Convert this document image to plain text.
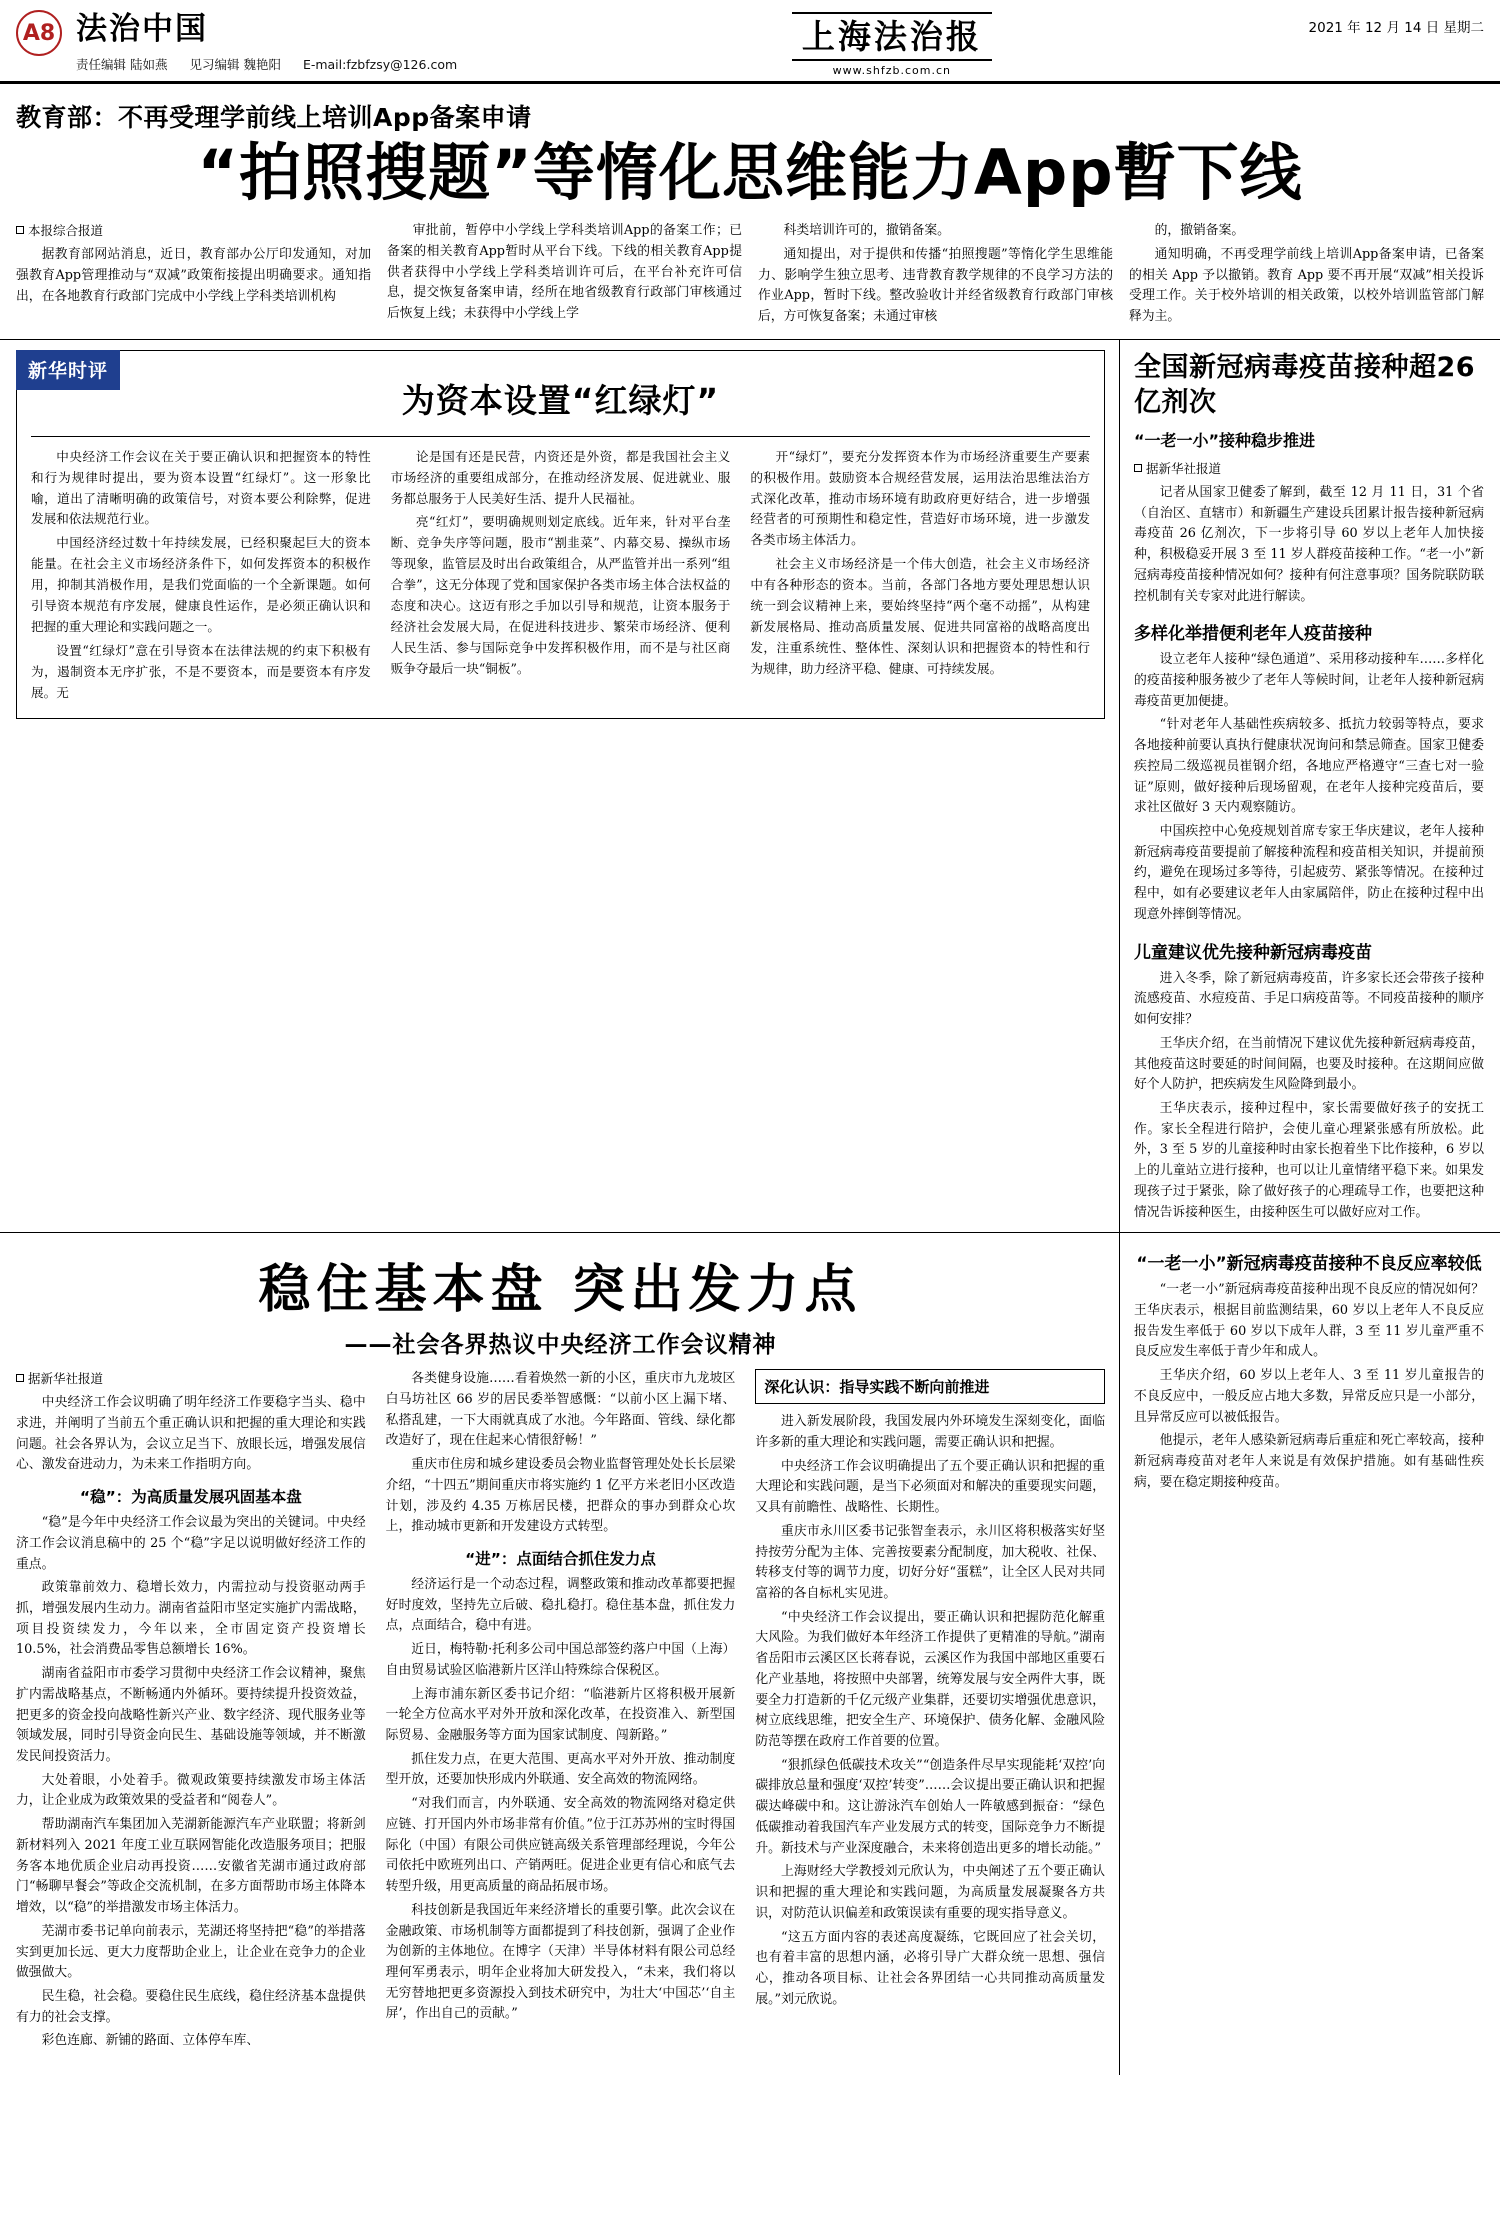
A8 法治中国
责任编辑 陆如燕 见习编辑 魏艳阳 E-mail:fzbfzsy@126.com
上海法治报
www.shfzb.com.cn
2021 年 12 月 14 日 星期二
教育部：不再受理学前线上培训App备案申请
“拍照搜题”等惰化思维能力App暫下线
本报综合报道

据教育部网站消息，近日，教育部办公厅印发通知，对加强教育App管理推动与“双减”政策衔接提出明确要求。通知指出，在各地教育行政部门完成中小学线上学科类培训机构

审批前，暂停中小学线上学科类培训App的备案工作；已备案的相关教育App暂时从平台下线。下线的相关教育App提供者获得中小学线上学科类培训许可后，在平台补充许可信息，提交恢复备案申请，经所在地省级教育行政部门审核通过后恢复上线；未获得中小学线上学

科类培训许可的，撤销备案。

通知提出，对于提供和传播“拍照搜题”等惰化学生思维能力、影响学生独立思考、违背教育教学规律的不良学习方法的作业App，暂时下线。整改验收计并经省级教育行政部门审核后，方可恢复备案；未通过审核

的，撤销备案。

通知明确，不再受理学前线上培训App备案申请，已备案的相关 App 予以撤销。教育 App 要不再开展“双减”相关投诉受理工作。关于校外培训的相关政策，以校外培训监管部门解释为主。

新华时评
为资本设置“红绿灯”

中央经济工作会议在关于要正确认识和把握资本的特性和行为规律时提出，要为资本设置“红绿灯”。这一形象比喻，道出了清晰明确的政策信号，对资本要公利除弊，促进发展和依法规范行业。

中国经济经过数十年持续发展，已经积聚起巨大的资本能量。在社会主义市场经济条件下，如何发挥资本的积极作用，抑制其消极作用，是我们党面临的一个全新课题。如何引导资本规范有序发展，健康良性运作，是必须正确认识和把握的重大理论和实践问题之一。

设置“红绿灯”意在引导资本在法律法规的约束下积极有为，遏制资本无序扩张，不是不要资本，而是要资本有序发展。无

论是国有还是民营，内资还是外资，都是我国社会主义市场经济的重要组成部分，在推动经济发展、促进就业、服务都总服务于人民美好生活、提升人民福祉。

亮“红灯”，要明确规则划定底线。近年来，针对平台垄断、竞争失序等问题，股市“割韭菜”、内幕交易、操纵市场等现象，监管层及时出台政策组合，从严监管并出一系列“组合拳”，这无分体现了党和国家保护各类市场主体合法权益的态度和决心。这迈有形之手加以引导和规范，让资本服务于经济社会发展大局，在促进科技进步、繁荣市场经济、便利人民生活、参与国际竞争中发挥积极作用，而不是与社区商贩争夺最后一块“铜板”。

开“绿灯”，要充分发挥资本作为市场经济重要生产要素的积极作用。鼓励资本合规经营发展，运用法治思维法治方式深化改革，推动市场环境有助政府更好结合，进一步增强经营者的可预期性和稳定性，营造好市场环境，进一步激发各类市场主体活力。

社会主义市场经济是一个伟大创造，社会主义市场经济中有各种形态的资本。当前，各部门各地方要处理思想认识统一到会议精神上来，要始终坚持“两个毫不动摇”，从构建新发展格局、推动高质量发展、促进共同富裕的战略高度出发，注重系统性、整体性、深刻认识和把握资本的特性和行为规律，助力经济平稳、健康、可持续发展。

全国新冠病毒疫苗接种超26亿剂次
“一老一小”接种稳步推进
据新华社报道

记者从国家卫健委了解到，截至 12 月 11 日，31 个省（自治区、直辖市）和新疆生产建设兵团累计报告接种新冠病毒疫苗 26 亿剂次，下一步将引导 60 岁以上老年人加快接种，积极稳妥开展 3 至 11 岁人群疫苗接种工作。“老一小”新冠病毒疫苗接种情况如何？接种有何注意事项？国务院联防联控机制有关专家对此进行解读。

多样化举措便利老年人疫苗接种

设立老年人接种“绿色通道”、采用移动接种车……多样化的疫苗接种服务被少了老年人等候时间，让老年人接种新冠病毒疫苗更加便捷。

“针对老年人基础性疾病较多、抵抗力较弱等特点，要求各地接种前要认真执行健康状况询问和禁忌筛查。国家卫健委疾控局二级巡视员崔钢介绍，各地应严格遵守“三查七对一验证”原则，做好接种后现场留观，在老年人接种完疫苗后，要求社区做好 3 天内观察随访。

中国疾控中心免疫规划首席专家王华庆建议，老年人接种新冠病毒疫苗要提前了解接种流程和疫苗相关知识，并提前预约，避免在现场过多等待，引起疲劳、紧张等情况。在接种过程中，如有必要建议老年人由家属陪伴，防止在接种过程中出现意外摔倒等情况。

儿童建议优先接种新冠病毒疫苗

进入冬季，除了新冠病毒疫苗，许多家长还会带孩子接种流感疫苗、水痘疫苗、手足口病疫苗等。不同疫苗接种的顺序如何安排？

王华庆介绍，在当前情况下建议优先接种新冠病毒疫苗，其他疫苗这时要延的时间间隔，也要及时接种。在这期间应做好个人防护，把疾病发生风险降到最小。

王华庆表示，接种过程中，家长需要做好孩子的安抚工作。家长全程进行陪护，会使儿童心理紧张感有所放松。此外，3 至 5 岁的儿童接种时由家长抱着坐下比作接种，6 岁以上的儿童站立进行接种，也可以让儿童情绪平稳下来。如果发现孩子过于紧张，除了做好孩子的心理疏导工作，也要把这种情况告诉接种医生，由接种医生可以做好应对工作。

稳住基本盘 突出发力点
——社会各界热议中央经济工作会议精神
据新华社报道

中央经济工作会议明确了明年经济工作要稳字当头、稳中求进，并阐明了当前五个重正确认识和把握的重大理论和实践问题。社会各界认为，会议立足当下、放眼长远，增强发展信心、激发奋进动力，为未来工作指明方向。

“稳”：为高质量发展巩固基本盘

“稳”是今年中央经济工作会议最为突出的关键词。中央经济工作会议消息稿中的 25 个“稳”字足以说明做好经济工作的重点。

政策靠前效力、稳增长效力，内需拉动与投资驱动两手抓，增强发展内生动力。湖南省益阳市坚定实施扩内需战略，项目投资续发力，今年以来，全市固定资产投资增长 10.5%，社会消费品零售总额增长 16%。

湖南省益阳市市委学习贯彻中央经济工作会议精神，聚焦扩内需战略基点，不断畅通内外循环。要持续提升投资效益，把更多的资金投向战略性新兴产业、数字经济、现代服务业等领域发展，同时引导资金向民生、基础设施等领域，并不断激发民间投资活力。

大处着眼，小处着手。微观政策要持续激发市场主体活力，让企业成为政策效果的受益者和“阅卷人”。

帮助湖南汽车集团加入芜湖新能源汽车产业联盟；将新剑新材料列入 2021 年度工业互联网智能化改造服务项目；把服务客本地优质企业启动再投资……安徽省芜湖市通过政府部门“畅聊早餐会”等政企交流机制，在多方面帮助市场主体降本增效，以“稳”的举措激发市场主体活力。

芜湖市委书记单向前表示，芜湖还将坚持把“稳”的举措落实到更加长远、更大力度帮助企业上，让企业在竞争力的企业做强做大。

民生稳，社会稳。要稳住民生底线，稳住经济基本盘提供有力的社会支撑。

彩色连廊、新铺的路面、立体停车库、

各类健身设施……看着焕然一新的小区，重庆市九龙坡区白马坊社区 66 岁的居民委举智感慨：“以前小区上漏下堵、私搭乱建，一下大雨就真成了水池。今年路面、管线、绿化都改造好了，现在住起来心情很舒畅！”

重庆市住房和城乡建设委员会物业监督管理处处长长层梁介绍，“十四五”期间重庆市将实施约 1 亿平方米老旧小区改造计划，涉及约 4.35 万栋居民楼，把群众的事办到群众心坎上，推动城市更新和开发建设方式转型。

“进”：点面结合抓住发力点

经济运行是一个动态过程，调整政策和推动改革都要把握好时度效，坚持先立后破、稳扎稳打。稳住基本盘，抓住发力点，点面结合，稳中有进。

近日，梅特勒·托利多公司中国总部签约落户中国（上海）自由贸易试验区临港新片区洋山特殊综合保税区。

上海市浦东新区委书记介绍：“临港新片区将积极开展新一轮全方位高水平对外开放和深化改革，在投资准入、新型国际贸易、金融服务等方面为国家试制度、闯新路。”

抓住发力点，在更大范围、更高水平对外开放、推动制度型开放，还要加快形成内外联通、安全高效的物流网络。

“对我们而言，内外联通、安全高效的物流网络对稳定供应链、打开国内外市场非常有价值。”位于江苏苏州的宝时得国际化（中国）有限公司供应链高级关系管理部经理说，今年公司依托中欧班列出口、产销两旺。促进企业更有信心和底气去转型升级，用更高质量的商品拓展市场。

科技创新是我国近年来经济增长的重要引擎。此次会议在金融政策、市场机制等方面都提到了科技创新，强调了企业作为创新的主体地位。在博字（天津）半导体材料有限公司总经理何军勇表示，明年企业将加大研发投入，“未来，我们将以无穷替地把更多资源投入到技术研究中，为壮大‘中国芯’‘自主屏’，作出自己的贡献。”

深化认识：指导实践不断向前推进

进入新发展阶段，我国发展内外环境发生深刻变化，面临许多新的重大理论和实践问题，需要正确认识和把握。

中央经济工作会议明确提出了五个要正确认识和把握的重大理论和实践问题，是当下必须面对和解决的重要现实问题，又具有前瞻性、战略性、长期性。

重庆市永川区委书记张智奎表示，永川区将积极落实好坚持按劳分配为主体、完善按要素分配制度，加大税收、社保、转移支付等的调节力度，切好分好“蛋糕”，让全区人民对共同富裕的各自标札实见进。

“中央经济工作会议提出，要正确认识和把握防范化解重大风险。为我们做好本年经济工作提供了更精准的导航。”湖南省岳阳市云溪区区长蒋春说，云溪区作为我国中部地区重要石化产业基地，将按照中央部署，统筹发展与安全两件大事，既要全力打造新的千亿元级产业集群，还要切实增强优患意识，树立底线思维，把安全生产、环境保护、债务化解、金融风险防范等摆在政府工作首要的位置。

“狠抓绿色低碳技术攻关”“创造条件尽早实现能耗‘双控’向碳排放总量和强度‘双控’转变”……会议提出要正确认识和把握碳达峰碳中和。这让游泳汽车创始人一阵敏感到振奋：“绿色低碳推动着我国汽车产业发展方式的转变，国际竞争力不断提升。新技术与产业深度融合，未来将创造出更多的增长动能。”

上海财经大学教授刘元欣认为，中央阐述了五个要正确认识和把握的重大理论和实践问题，为高质量发展凝聚各方共识，对防范认识偏差和政策误读有重要的现实指导意义。

“这五方面内容的表述高度凝练，它既回应了社会关切，也有着丰富的思想内涵，必将引导广大群众统一思想、强信心，推动各项目标、让社会各界团结一心共同推动高质量发展。”刘元欣说。

“一老一小”新冠病毒疫苗接种不良反应率较低

“一老一小”新冠病毒疫苗接种出现不良反应的情况如何？王华庆表示，根据目前监测结果，60 岁以上老年人不良反应报告发生率低于 60 岁以下成年人群，3 至 11 岁儿童严重不良反应发生率低于青少年和成人。

王华庆介绍，60 岁以上老年人、3 至 11 岁儿童报告的不良反应中，一般反应占地大多数，异常反应只是一小部分，且异常反应可以被低报告。

他提示，老年人感染新冠病毒后重症和死亡率较高，接种新冠病毒疫苗对老年人来说是有效保护措施。如有基础性疾病，要在稳定期接种疫苗。
